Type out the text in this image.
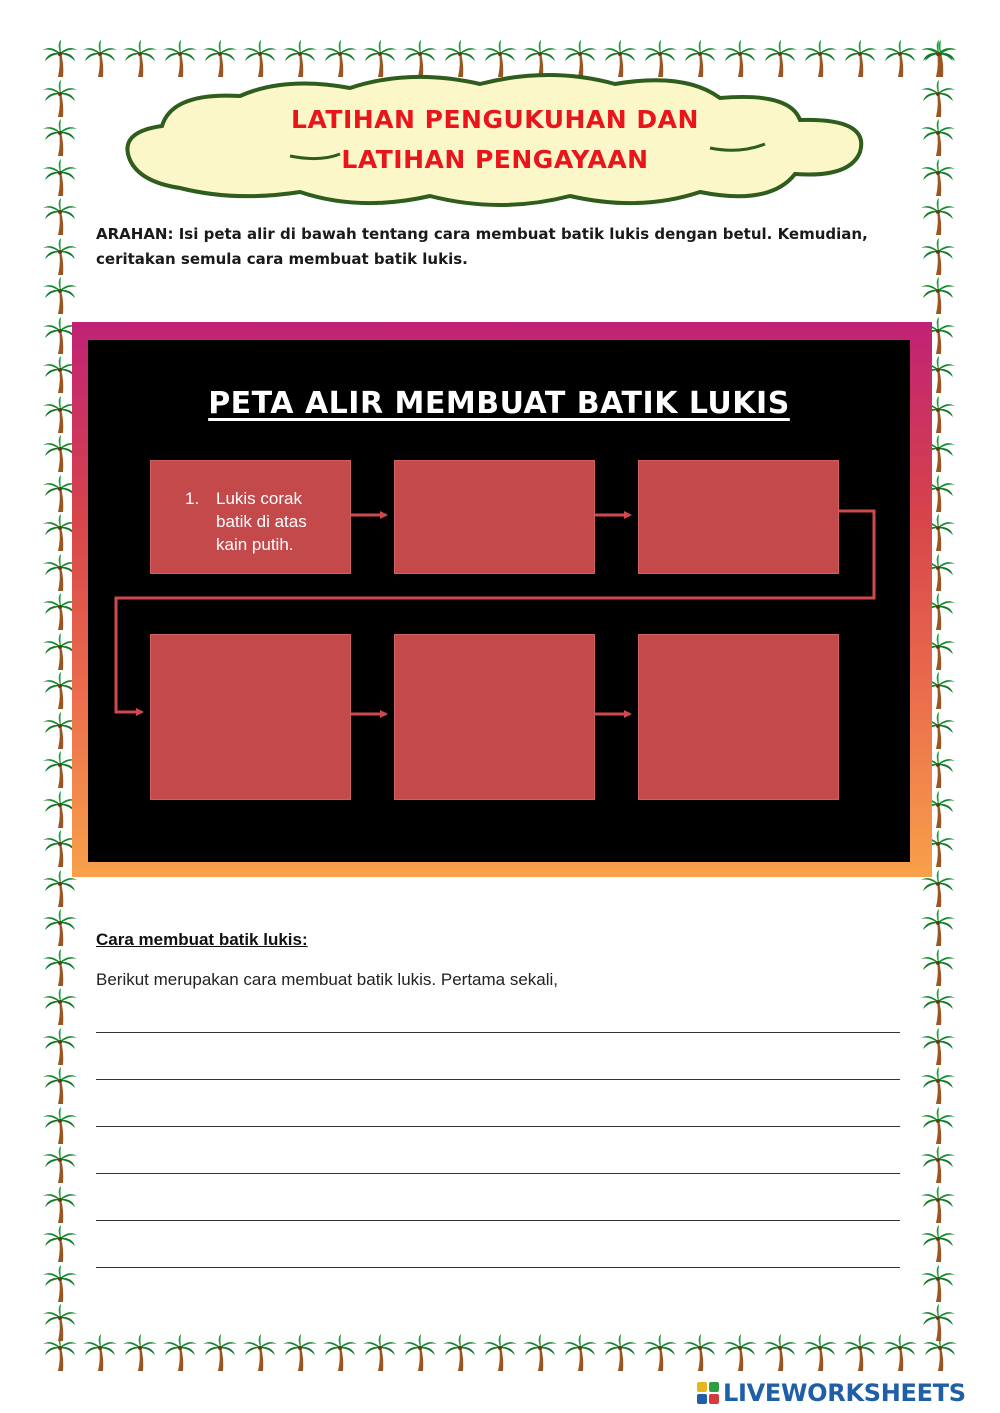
LATIHAN PENGUKUHAN DAN
LATIHAN PENGAYAAN
ARAHAN: Isi peta alir di bawah tentang cara membuat batik lukis dengan betul. Kemudian, ceritakan semula cara membuat batik lukis.
PETA ALIR MEMBUAT BATIK LUKIS
1. Lukis corak batik di atas kain putih.
Cara membuat batik lukis:
Berikut merupakan cara membuat batik lukis. Pertama sekali,
LIVEWORKSHEETS
